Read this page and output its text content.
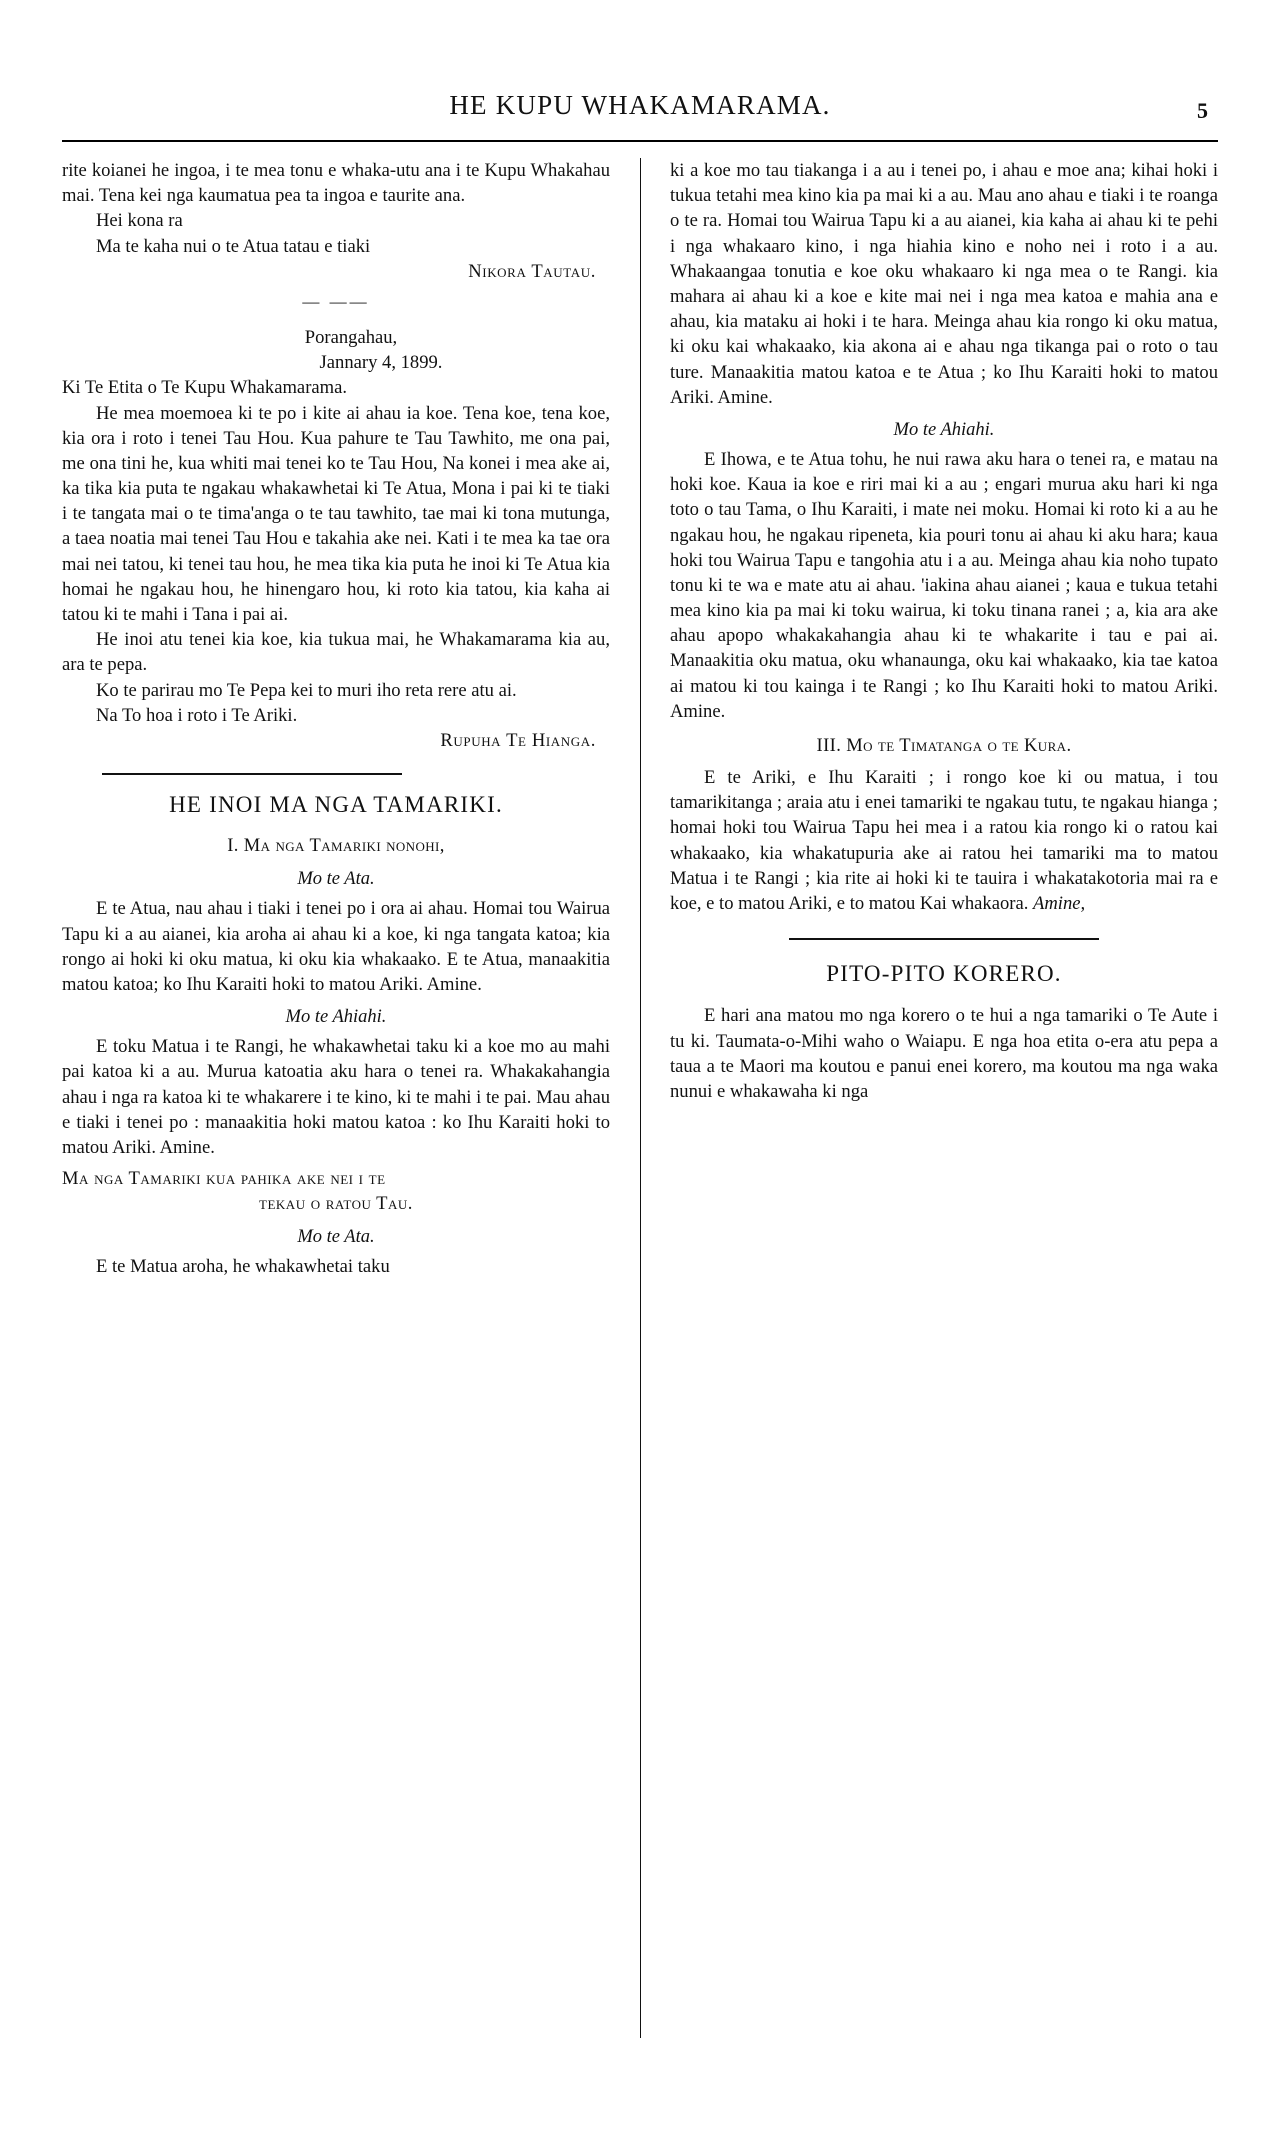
HE KUPU WHAKAMARAMA.	5

rite koianei he ingoa, i te mea tonu e whaka-utu ana i te Kupu Whakahau mai. Tena kei nga kaumatua pea ta ingoa e taurite ana.

Hei kona ra

Ma te kaha nui o te Atua tatau e tiaki

Nikora Tautau.

— ——

Porangahau,
Jannary 4, 1899.

Ki Te Etita o Te Kupu Whakamarama.

He mea moemoea ki te po i kite ai ahau ia koe. Tena koe, tena koe, kia ora i roto i tenei Tau Hou. Kua pahure te Tau Tawhito, me ona pai, me ona tini he, kua whiti mai tenei ko te Tau Hou, Na konei i mea ake ai, ka tika kia puta te ngakau whakawhetai ki Te Atua, Mona i pai ki te tiaki i te tangata mai o te tima'anga o te tau tawhito, tae mai ki tona mutunga, a taea noatia mai tenei Tau Hou e takahia ake nei. Kati i te mea ka tae ora mai nei tatou, ki tenei tau hou, he mea tika kia puta he inoi ki Te Atua kia homai he ngakau hou, he hinengaro hou, ki roto kia tatou, kia kaha ai tatou ki te mahi i Tana i pai ai.

He inoi atu tenei kia koe, kia tukua mai, he Whakamarama kia au, ara te pepa.

Ko te parirau mo Te Pepa kei to muri iho reta rere atu ai.

Na To hoa i roto i Te Ariki.

Rupuha Te Hianga.

HE INOI MA NGA TAMARIKI.

I. Ma nga Tamariki nonohi,

Mo te Ata.

E te Atua, nau ahau i tiaki i tenei po i ora ai ahau. Homai tou Wairua Tapu ki a au aianei, kia aroha ai ahau ki a koe, ki nga tangata katoa; kia rongo ai hoki ki oku matua, ki oku kia whakaako. E te Atua, manaakitia matou katoa; ko Ihu Karaiti hoki to matou Ariki. Amine.

Mo te Ahiahi.

E toku Matua i te Rangi, he whakawhetai taku ki a koe mo au mahi pai katoa ki a au. Murua katoatia aku hara o tenei ra. Whakakahangia ahau i nga ra katoa ki te whakarere i te kino, ki te mahi i te pai. Mau ahau e tiaki i tenei po : manaakitia hoki matou katoa : ko Ihu Karaiti hoki to matou Ariki. Amine.

Ma nga Tamariki kua pahika ake nei i te
tekau o ratou Tau.

Mo te Ata.

E te Matua aroha, he whakawhetai taku

ki a koe mo tau tiakanga i a au i tenei po, i ahau e moe ana; kihai hoki i tukua tetahi mea kino kia pa mai ki a au. Mau ano ahau e tiaki i te roanga o te ra. Homai tou Wairua Tapu ki a au aianei, kia kaha ai ahau ki te pehi i nga whakaaro kino, i nga hiahia kino e noho nei i roto i a au. Whakaangaa tonutia e koe oku whakaaro ki nga mea o te Rangi. kia mahara ai ahau ki a koe e kite mai nei i nga mea katoa e mahia ana e ahau, kia mataku ai hoki i te hara. Meinga ahau kia rongo ki oku matua, ki oku kai whakaako, kia akona ai e ahau nga tikanga pai o roto o tau ture. Manaakitia matou katoa e te Atua ; ko Ihu Karaiti hoki to matou Ariki. Amine.

Mo te Ahiahi.

E Ihowa, e te Atua tohu, he nui rawa aku hara o tenei ra, e matau na hoki koe. Kaua ia koe e riri mai ki a au ; engari murua aku hari ki nga toto o tau Tama, o Ihu Karaiti, i mate nei moku. Homai ki roto ki a au he ngakau hou, he ngakau ripeneta, kia pouri tonu ai ahau ki aku hara; kaua hoki tou Wairua Tapu e tangohia atu i a au. Meinga ahau kia noho tupato tonu ki te wa e mate atu ai ahau. 'iakina ahau aianei ; kaua e tukua tetahi mea kino kia pa mai ki toku wairua, ki toku tinana ranei ; a, kia ara ake ahau apopo whakakahangia ahau ki te whakarite i tau e pai ai. Manaakitia oku matua, oku whanaunga, oku kai whakaako, kia tae katoa ai matou ki tou kainga i te Rangi ; ko Ihu Karaiti hoki to matou Ariki. Amine.

III. Mo te Timatanga o te Kura.

E te Ariki, e Ihu Karaiti ; i rongo koe ki ou matua, i tou tamarikitanga ; araia atu i enei tamariki te ngakau tutu, te ngakau hianga ; homai hoki tou Wairua Tapu hei mea i a ratou kia rongo ki o ratou kai whakaako, kia whakatupuria ake ai ratou hei tamariki ma to matou Matua i te Rangi ; kia rite ai hoki ki te tauira i whakatakotoria mai ra e koe, e to matou Ariki, e to matou Kai whakaora. Amine,

PITO-PITO KORERO.

E hari ana matou mo nga korero o te hui a nga tamariki o Te Aute i tu ki. Taumata-o-Mihi waho o Waiapu. E nga hoa etita o-era atu pepa a taua a te Maori ma koutou e panui enei korero, ma koutou ma nga waka nunui e whakawaha ki nga
